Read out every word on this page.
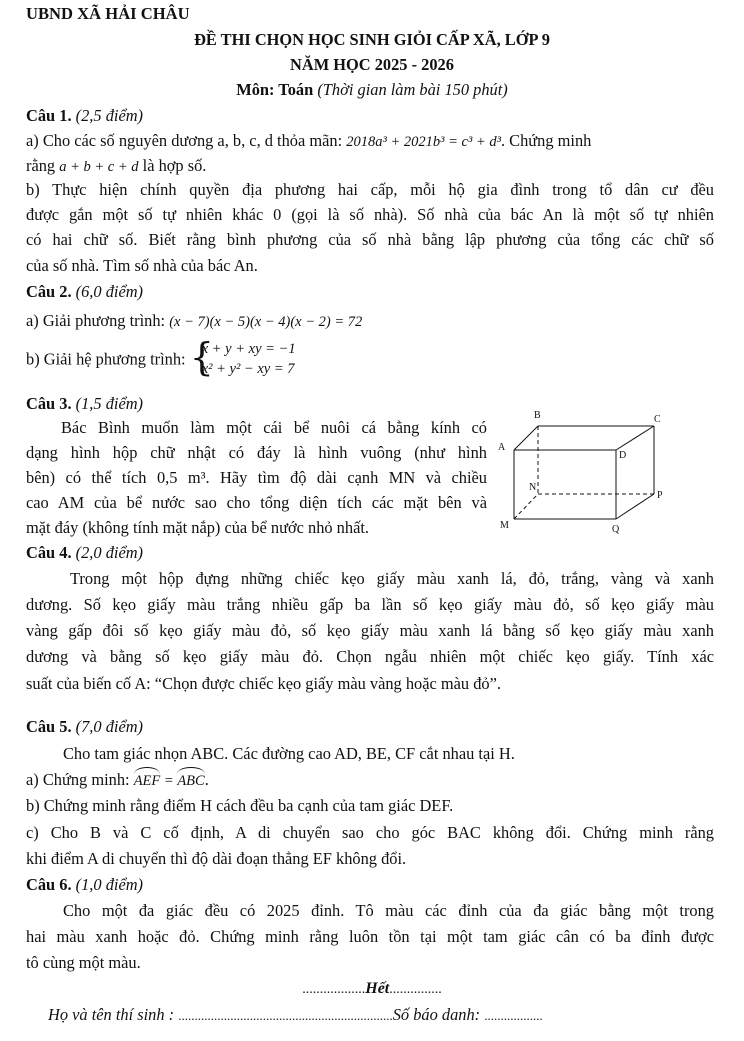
UBND XÃ HẢI CHÂU
ĐỀ THI CHỌN HỌC SINH GIỎI CẤP XÃ, LỚP 9
NĂM HỌC 2025 - 2026
Môn: Toán (Thời gian làm bài 150 phút)
Câu 1. (2,5 điểm)
a) Cho các số nguyên dương a, b, c, d thỏa mãn: 2018a³ + 2021b³ = c³ + d³. Chứng minh
rằng a + b + c + d là hợp số.
b) Thực hiện chính quyền địa phương hai cấp, mỗi hộ gia đình trong tổ dân cư đều
được gắn một số tự nhiên khác 0 (gọi là số nhà). Số nhà của bác An là một số tự nhiên
có hai chữ số. Biết rằng bình phương của số nhà bằng lập phương của tổng các chữ số
của số nhà. Tìm số nhà của bác An.
Câu 2. (6,0 điểm)
a) Giải phương trình: (x − 7)(x − 5)(x − 4)(x − 2) = 72
b) Giải hệ phương trình: {
x + y + xy = −1
x² + y² − xy = 7
Câu 3. (1,5 điểm)
Bác Bình muốn làm một cái bể nuôi cá bằng kính có
dạng hình hộp chữ nhật có đáy là hình vuông (như hình
bên) có thể tích 0,5 m³. Hãy tìm độ dài cạnh MN và chiều
cao AM của bể nước sao cho tổng diện tích các mặt bên và
mặt đáy (không tính mặt nắp) của bể nước nhỏ nhất.
B	C
A
D
N
P
M	Q
Câu 4. (2,0 điểm)
Trong một hộp đựng những chiếc kẹo giấy màu xanh lá, đỏ, trắng, vàng và xanh
dương. Số kẹo giấy màu trắng nhiều gấp ba lần số kẹo giấy màu đỏ, số kẹo giấy màu
vàng gấp đôi số kẹo giấy màu đỏ, số kẹo giấy màu xanh lá bằng số kẹo giấy màu xanh
dương và bằng số kẹo giấy màu đỏ. Chọn ngẫu nhiên một chiếc kẹo giấy. Tính xác
suất của biến cố A: “Chọn được chiếc kẹo giấy màu vàng hoặc màu đỏ”.
Câu 5. (7,0 điểm)
Cho tam giác nhọn ABC. Các đường cao AD, BE, CF cắt nhau tại H.
a) Chứng minh: AEF = ABC.
b) Chứng minh rằng điểm H cách đều ba cạnh của tam giác DEF.
c) Cho B và C cố định, A di chuyển sao cho góc BAC không đổi. Chứng minh rằng
khi điểm A di chuyển thì độ dài đoạn thẳng EF không đổi.
Câu 6. (1,0 điểm)
Cho một đa giác đều có 2025 đỉnh. Tô màu các đỉnh của đa giác bằng một trong
hai màu xanh hoặc đỏ. Chứng minh rằng luôn tồn tại một tam giác cân có ba đỉnh được
tô cùng một màu.
..................Hết...............
Họ và tên thí sinh : ..................................................................Số báo danh: ..................
